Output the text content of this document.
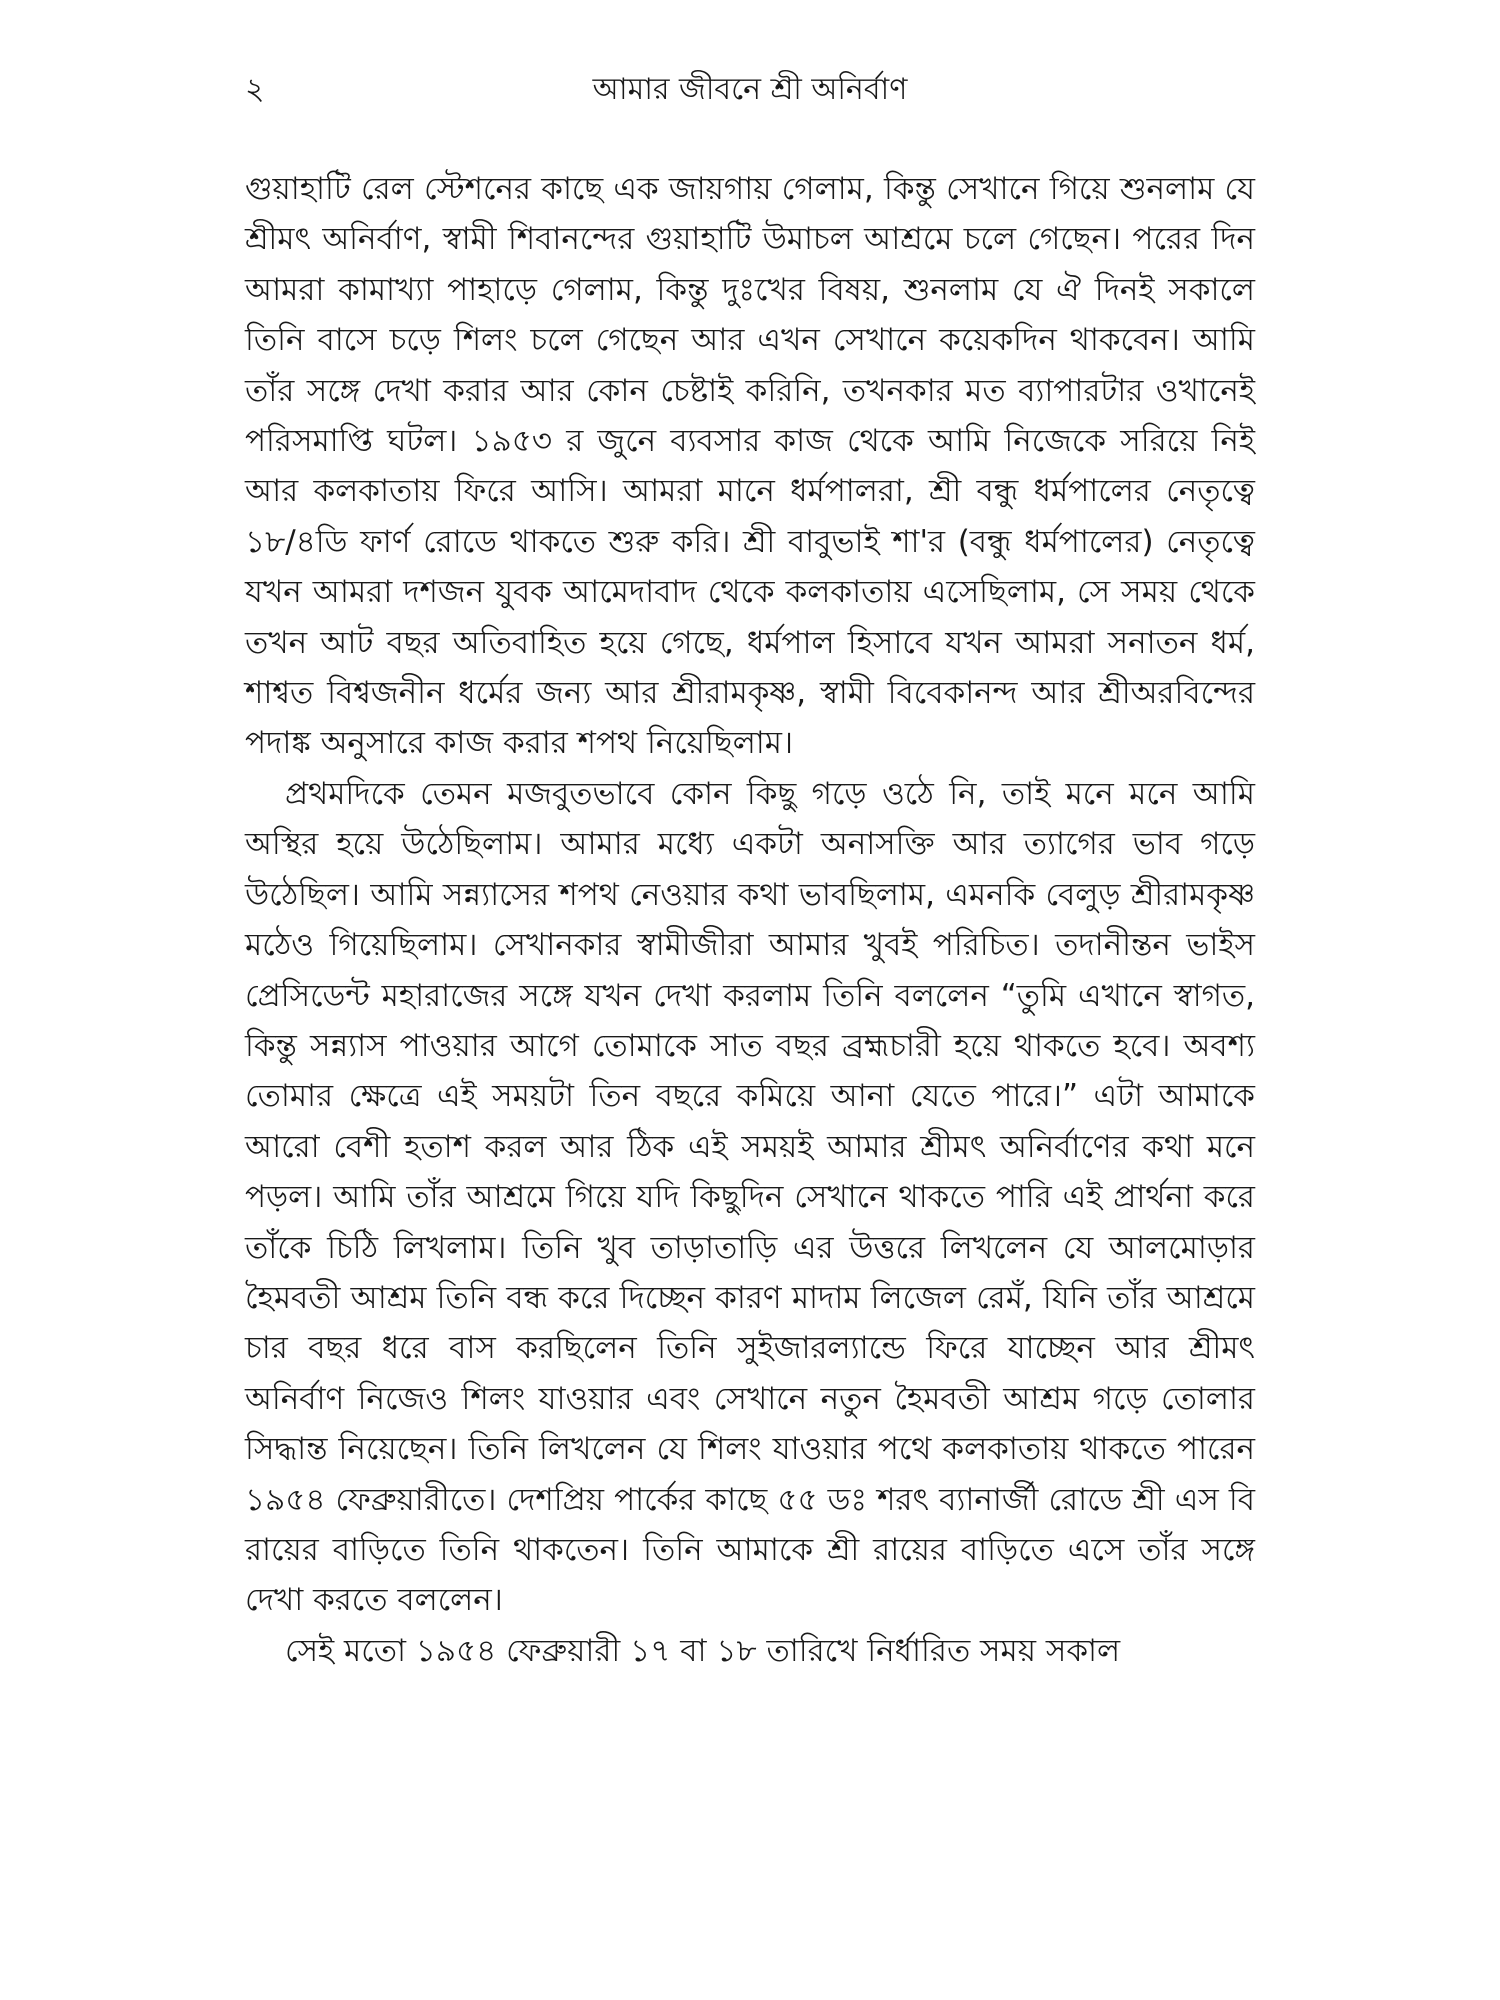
২	আমার জীবনে শ্রী অনির্বাণ

গুয়াহাটি রেল স্টেশনের কাছে এক জায়গায় গেলাম, কিন্তু সেখানে গিয়ে শুনলাম যে শ্রীমৎ অনির্বাণ, স্বামী শিবানন্দের গুয়াহাটি উমাচল আশ্রমে চলে গেছেন। পরের দিন আমরা কামাখ্যা পাহাড়ে গেলাম, কিন্তু দুঃখের বিষয়, শুনলাম যে ঐ দিনই সকালে তিনি বাসে চড়ে শিলং চলে গেছেন আর এখন সেখানে কয়েকদিন থাকবেন। আমি তাঁর সঙ্গে দেখা করার আর কোন চেষ্টাই করিনি, তখনকার মত ব্যাপারটার ওখানেই পরিসমাপ্তি ঘটল। ১৯৫৩ র জুনে ব্যবসার কাজ থেকে আমি নিজেকে সরিয়ে নিই আর কলকাতায় ফিরে আসি। আমরা মানে ধর্মপালরা, শ্রী বন্ধু ধর্মপালের নেতৃত্বে ১৮/৪ডি ফার্ণ রোডে থাকতে শুরু করি। শ্রী বাবুভাই শা'র (বন্ধু ধর্মপালের) নেতৃত্বে যখন আমরা দশজন যুবক আমেদাবাদ থেকে কলকাতায় এসেছিলাম, সে সময় থেকে তখন আট বছর অতিবাহিত হয়ে গেছে, ধর্মপাল হিসাবে যখন আমরা সনাতন ধর্ম, শাশ্বত বিশ্বজনীন ধর্মের জন্য আর শ্রীরামকৃষ্ণ, স্বামী বিবেকানন্দ আর শ্রীঅরবিন্দের পদাঙ্ক অনুসারে কাজ করার শপথ নিয়েছিলাম।

প্রথমদিকে তেমন মজবুতভাবে কোন কিছু গড়ে ওঠে নি, তাই মনে মনে আমি অস্থির হয়ে উঠেছিলাম। আমার মধ্যে একটা অনাসক্তি আর ত্যাগের ভাব গড়ে উঠেছিল। আমি সন্ন্যাসের শপথ নেওয়ার কথা ভাবছিলাম, এমনকি বেলুড় শ্রীরামকৃষ্ণ মঠেও গিয়েছিলাম। সেখানকার স্বামীজীরা আমার খুবই পরিচিত। তদানীন্তন ভাইস প্রেসিডেন্ট মহারাজের সঙ্গে যখন দেখা করলাম তিনি বললেন “তুমি এখানে স্বাগত, কিন্তু সন্ন্যাস পাওয়ার আগে তোমাকে সাত বছর ব্রহ্মচারী হয়ে থাকতে হবে। অবশ্য তোমার ক্ষেত্রে এই সময়টা তিন বছরে কমিয়ে আনা যেতে পারে।” এটা আমাকে আরো বেশী হতাশ করল আর ঠিক এই সময়ই আমার শ্রীমৎ অনির্বাণের কথা মনে পড়ল। আমি তাঁর আশ্রমে গিয়ে যদি কিছুদিন সেখানে থাকতে পারি এই প্রার্থনা করে তাঁকে চিঠি লিখলাম। তিনি খুব তাড়াতাড়ি এর উত্তরে লিখলেন যে আলমোড়ার হৈমবতী আশ্রম তিনি বন্ধ করে দিচ্ছেন কারণ মাদাম লিজেল রেমঁ, যিনি তাঁর আশ্রমে চার বছর ধরে বাস করছিলেন তিনি সুইজারল্যান্ডে ফিরে যাচ্ছেন আর শ্রীমৎ অনির্বাণ নিজেও শিলং যাওয়ার এবং সেখানে নতুন হৈমবতী আশ্রম গড়ে তোলার সিদ্ধান্ত নিয়েছেন। তিনি লিখলেন যে শিলং যাওয়ার পথে কলকাতায় থাকতে পারেন ১৯৫৪ ফেব্রুয়ারীতে। দেশপ্রিয় পার্কের কাছে ৫৫ ডঃ শরৎ ব্যানার্জী রোডে শ্রী এস বি রায়ের বাড়িতে তিনি থাকতেন। তিনি আমাকে শ্রী রায়ের বাড়িতে এসে তাঁর সঙ্গে দেখা করতে বললেন।

সেই মতো ১৯৫৪ ফেব্রুয়ারী ১৭ বা ১৮ তারিখে নির্ধারিত সময় সকাল
